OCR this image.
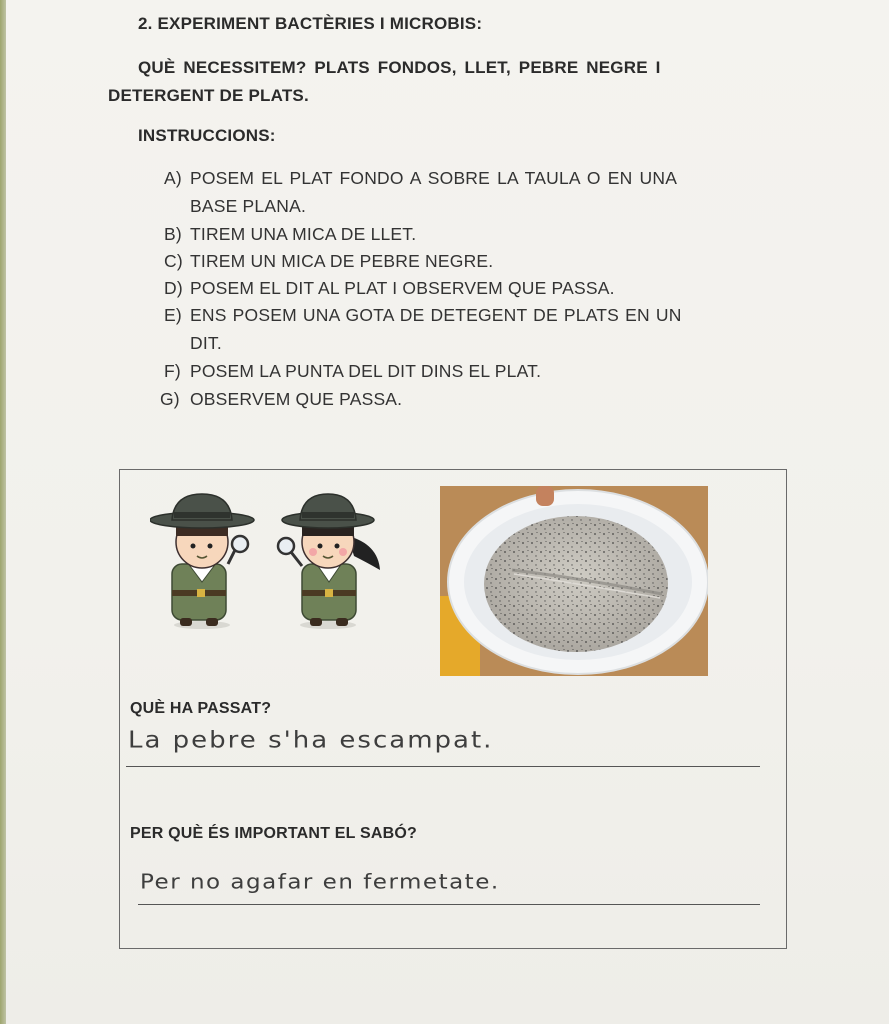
2. EXPERIMENT BACTÈRIES I MICROBIS:
QUÈ NECESSITEM? PLATS FONDOS, LLET, PEBRE NEGRE I
DETERGENT DE PLATS.
INSTRUCCIONS:
A) POSEM EL PLAT FONDO A SOBRE LA TAULA O EN UNA
BASE PLANA.
B) TIREM UNA MICA DE LLET.
C) TIREM UN MICA DE PEBRE NEGRE.
D) POSEM EL DIT AL PLAT I OBSERVEM QUE PASSA.
E) ENS POSEM UNA GOTA DE DETEGENT DE PLATS EN UN
DIT.
F) POSEM LA PUNTA DEL DIT DINS EL PLAT.
G) OBSERVEM QUE PASSA.
QUÈ HA PASSAT?
La pebre s'ha escampat.
PER QUÈ ÉS IMPORTANT EL SABÓ?
Per no agafar en fermetate.
